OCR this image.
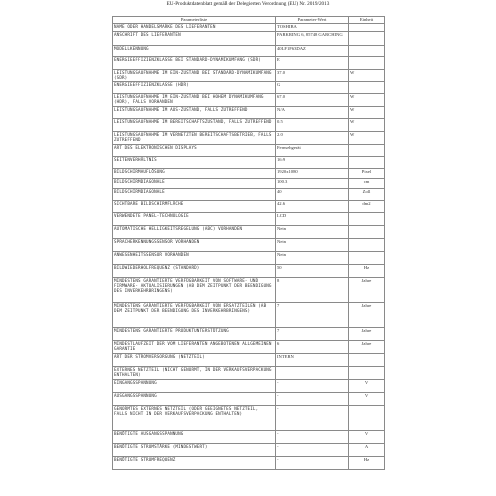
EU-Produktdatenblatt gemäß der Delegierten Verordnung (EU) Nr. 2019/2013
Parameterliste	Parameter-Wert	Einheit
NAME ODER HANDELSMARKE DES LIEFERANTEN	TOSHIBA	
ANSCHRIFT DES LIEFERANTEN	PARKRING 6, 85748 GARCHING	
MODELLKENNUNG	40LF1F63DAZ	
ENERGIEEFFIZIENZKLASSE BEI STANDARD-DYNAMIKUMFANG (SDR)	E	
LEISTUNGSAUFNAHME IM EIN-ZUSTAND BEI STANDARD-DYNAMIKUMFANG (SDR)	37.0	W
ENERGIEEFFIZIENZKLASSE (HDR)	G	
LEISTUNGSAUFNAHME IM EIN-ZUSTAND BEI HOHEM DYNAMIKUMFANG (HDR), FALLS VORHANDEN	67.0	W
LEISTUNGSAUFNAHME IM AUS-ZUSTAND, FALLS ZUTREFFEND	N/A	W
LEISTUNGSAUFNAHME IM BEREITSCHAFTSZUSTAND, FALLS ZUTREFFEND	0.5	W
LEISTUNGSAUFNAHME IM VERNETZTEN BEREITSCHAFTSBETRIEB, FALLS ZUTREFFEND	2.0	W
ART DES ELEKTRONISCHEN DISPLAYS	Fernsehgerät	
SEITENVERHÄLTNIS	16:9	
BILDSCHIRMAUFLÖSUNG	1920x1080	Pixel
BILDSCHIRMDIAGONALE	100.3	cm
BILDSCHIRMDIAGONALE	40	Zoll
SICHTBARE BILDSCHIRMFLÄCHE	42.6	dm2
VERWENDETE PANEL-TECHNOLOGIE	LCD	
AUTOMATISCHE HELLIGKEITSREGELUNG (ABC) VORHANDEN	Nein	
SPRACHERKENNUNGSSENSOR VORHANDEN	Nein	
ANWESENHEITSSENSOR VORHANDEN	Nein	
BILDWIEDERHOLFREQUENZ (STANDARD)	50	Hz
MINDESTENS GARANTIERTE VERFÜGBARKEIT VON SOFTWARE- UND FIRMWARE- AKTUALISIERUNGEN (AB DEM ZEITPUNKT DER BEENDIGUNG DES INVERKEHRBRINGENS)	8	Jahre
MINDESTENS GARANTIERTE VERFÜGBARKEIT VON ERSATZTEILEN (AB DEM ZEITPUNKT DER BEENDIGUNG DES INVERKEHRBRINGENS)	7	Jahre
MINDESTENS GARANTIERTE PRODUKTUNTERSTÜTZUNG	7	Jahre
MINDESTLAUFZEIT DER VOM LIEFERANTEN ANGEBOTENEN ALLGEMEINEN GARANTIE	6	Jahre
ART DER STROMVERSORGUNG (NETZTEIL)	INTERN	
EXTERNES NETZTEIL (NICHT GENORMT, IN DER VERKAUFSVERPACKUNG ENTHALTEN)		
EINGANGSSPANNUNG	-	V
AUSGANGSSPANNUNG	-	V
GENORMTES EXTERNES NETZTEIL (ODER GEEIGNETES NETZTEIL, FALLS NICHT IN DER VERKAUFSVERPACKUNG ENTHALTEN)	-	
BENÖTIGTE AUSGANGSSPANNUNG	-	V
BENÖTIGTE STROMSTÄRKE (MINDESTWERT)	-	A
BENÖTIGTE STROMFREQUENZ	-	Hz
